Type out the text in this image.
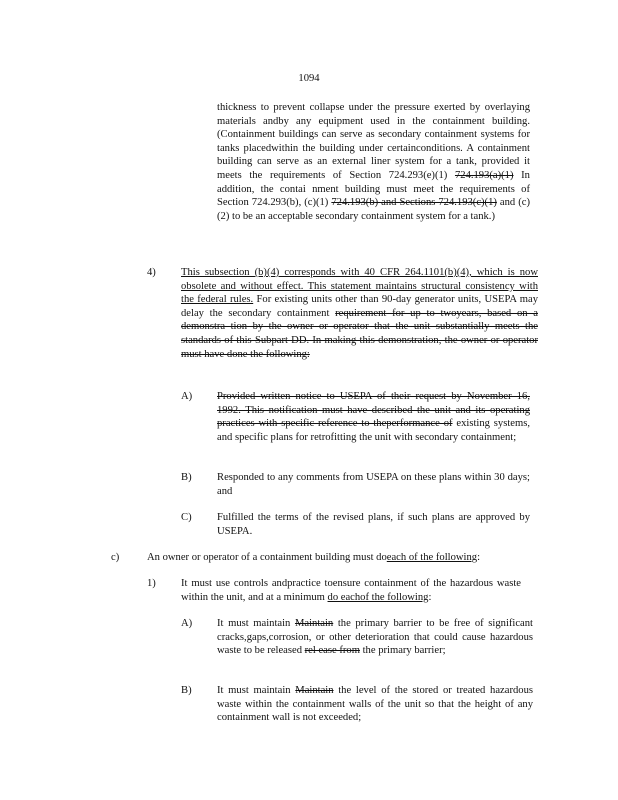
1094
thickness to prevent collapse under the pressure exerted by overlaying materials andby any equipment used in the containment building. (Containment buildings can serve as secondary containment systems for tanks placedwithin the building under certainconditions. A containment building can serve as an external liner system for a tank, provided it meets the requirements of Section 724.293(e)(1) 724.193(a)(1) In addition, the contai nment building must meet the requirements of Section 724.293(b), (c)(1) 724.193(b) and Sections 724.193(c)(1) and (c)(2) to be an acceptable secondary containment system for a tank.)
4) This subsection (b)(4) corresponds with 40 CFR 264.1101(b)(4), which is now obsolete and without effect. This statement maintains structural consistency with the federal rules. For existing units other than 90-day generator units, USEPA may delay the secondary containment requirement for up to twoyears, based on a demonstra tion by the owner or operator that the unit substantially meets the standards of this Subpart DD. In making this demonstration, the owner or operator must have done the following:
A) Provided written notice to USEPA of their request by November 16, 1992. This notification must have described the unit and its operating practices with specific reference to theperformance of existing systems, and specific plans for retrofitting the unit with secondary containment;
B) Responded to any comments from USEPA on these plans within 30 days; and
C) Fulfilled the terms of the revised plans, if such plans are approved by USEPA.
c)	An owner or operator of a containment building must doeach of the following:
1) It must use controls andpractice toensure containment of the hazardous waste within the unit, and at a minimum do eachof the following:
A) It must maintain Maintain the primary barrier to be free of significant cracks,gaps,corrosion, or other deterioration that could cause hazardous waste to be released rel ease from the primary barrier;
B) It must maintain Maintain the level of the stored or treated hazardous waste within the containment walls of the unit so that the height of any containment wall is not exceeded;
